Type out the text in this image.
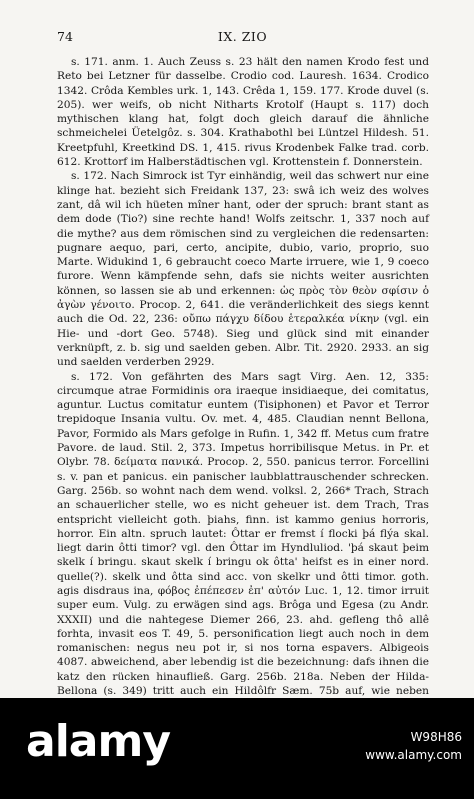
74	IX. ZIO

s. 171. anm. 1. Auch Zeuss s. 23 hält den namen Krodo fest und Reto bei Letzner für dasselbe. Crodio cod. Lauresh. 1634. Crodico 1342. Crôda Kembles urk. 1, 143. Crêda 1, 159. 177. Krode duvel (s. 205). wer weifs, ob nicht Nitharts Krotolf (Haupt s. 117) doch mythischen klang hat, folgt doch gleich darauf die ähnliche schmeichelei Üetelgôz. s. 304. Krathabothl bei Lüntzel Hildesh. 51. Kreetpfuhl, Kreetkind DS. 1, 415. rivus Krodenbek Falke trad. corb. 612. Krottorf im Halberstädtischen vgl. Krottenstein f. Donnerstein.

s. 172. Nach Simrock ist Tyr einhändig, weil das schwert nur eine klinge hat. bezieht sich Freidank 137, 23: swâ ich weiz des wolves zant, dâ wil ich hüeten mîner hant, oder der spruch: brant stant as dem dode (Tio?) sine rechte hand! Wolfs zeitschr. 1, 337 noch auf die mythe? aus dem römischen sind zu vergleichen die redensarten: pugnare aequo, pari, certo, ancipite, dubio, vario, proprio, suo Marte. Widukind 1, 6 gebraucht coeco Marte irruere, wie 1, 9 coeco furore. Wenn kämpfende sehn, dafs sie nichts weiter ausrichten können, so lassen sie ab und erkennen: ὡς πρὸς τὸν θεὸν σφίσιν ὁ ἀγὼν γένοιτο. Procop. 2, 641. die veränderlichkeit des siegs kennt auch die Od. 22, 236: οὔπω πάγχυ δίδου ἑτεραλκέα νίκην (vgl. ein Hie- und -dort Geo. 5748). Sieg und glück sind mit einander verknüpft, z. b. sig und saelden geben. Albr. Tit. 2920. 2933. an sig und saelden verderben 2929.

s. 172. Von gefährten des Mars sagt Virg. Aen. 12, 335: circumque atrae Formidinis ora iraeque insidiaeque, dei comitatus, aguntur. Luctus comitatur euntem (Tisiphonen) et Pavor et Terror trepidoque Insania vultu. Ov. met. 4, 485. Claudian nennt Bellona, Pavor, Formido als Mars gefolge in Rufin. 1, 342 ff. Metus cum fratre Pavore. de laud. Stil. 2, 373. Impetus horribilisque Metus. in Pr. et Olybr. 78. δείματα πανικά. Procop. 2, 550. panicus terror. Forcellini s. v. pan et panicus. ein panischer laubblattrauschender schrecken. Garg. 256b. so wohnt nach dem wend. volksl. 2, 266* Trach, Strach an schauerlicher stelle, wo es nicht geheuer ist. dem Trach, Tras entspricht vielleicht goth. þiahs, finn. ist kammo genius horroris, horror. Ein altn. spruch lautet: Ôttar er fremst í flocki þá flýa skal. liegt darin ôtti timor? vgl. den Ôttar im Hyndluliod. 'þá skaut þeim skelk í bringu. skaut skelk í bringu ok ôtta' heifst es in einer nord. quelle(?). skelk und ôtta sind acc. von skelkr und ôtti timor. goth. agis disdraus ina, φόβος ἐπέπεσεν ἐπ' αὐτόν Luc. 1, 12. timor irruit super eum. Vulg. zu erwägen sind ags. Brôga und Egesa (zu Andr. XXXII) und die nahtegese Diemer 266, 23. ahd. gefleng thô allê forhta, invasit eos T. 49, 5. personification liegt auch noch in dem romanischen: negus neu pot ir, si nos torna espavers. Albigeois 4087. abweichend, aber lebendig ist die bezeichnung: dafs ihnen die katz den rücken hinaufließ. Garg. 256b. 218a. Neben der Hilda-Bellona (s. 349) tritt auch ein Hildôlfr Sæm. 75b auf, wie neben

alamy	W98H86
www.alamy.com
